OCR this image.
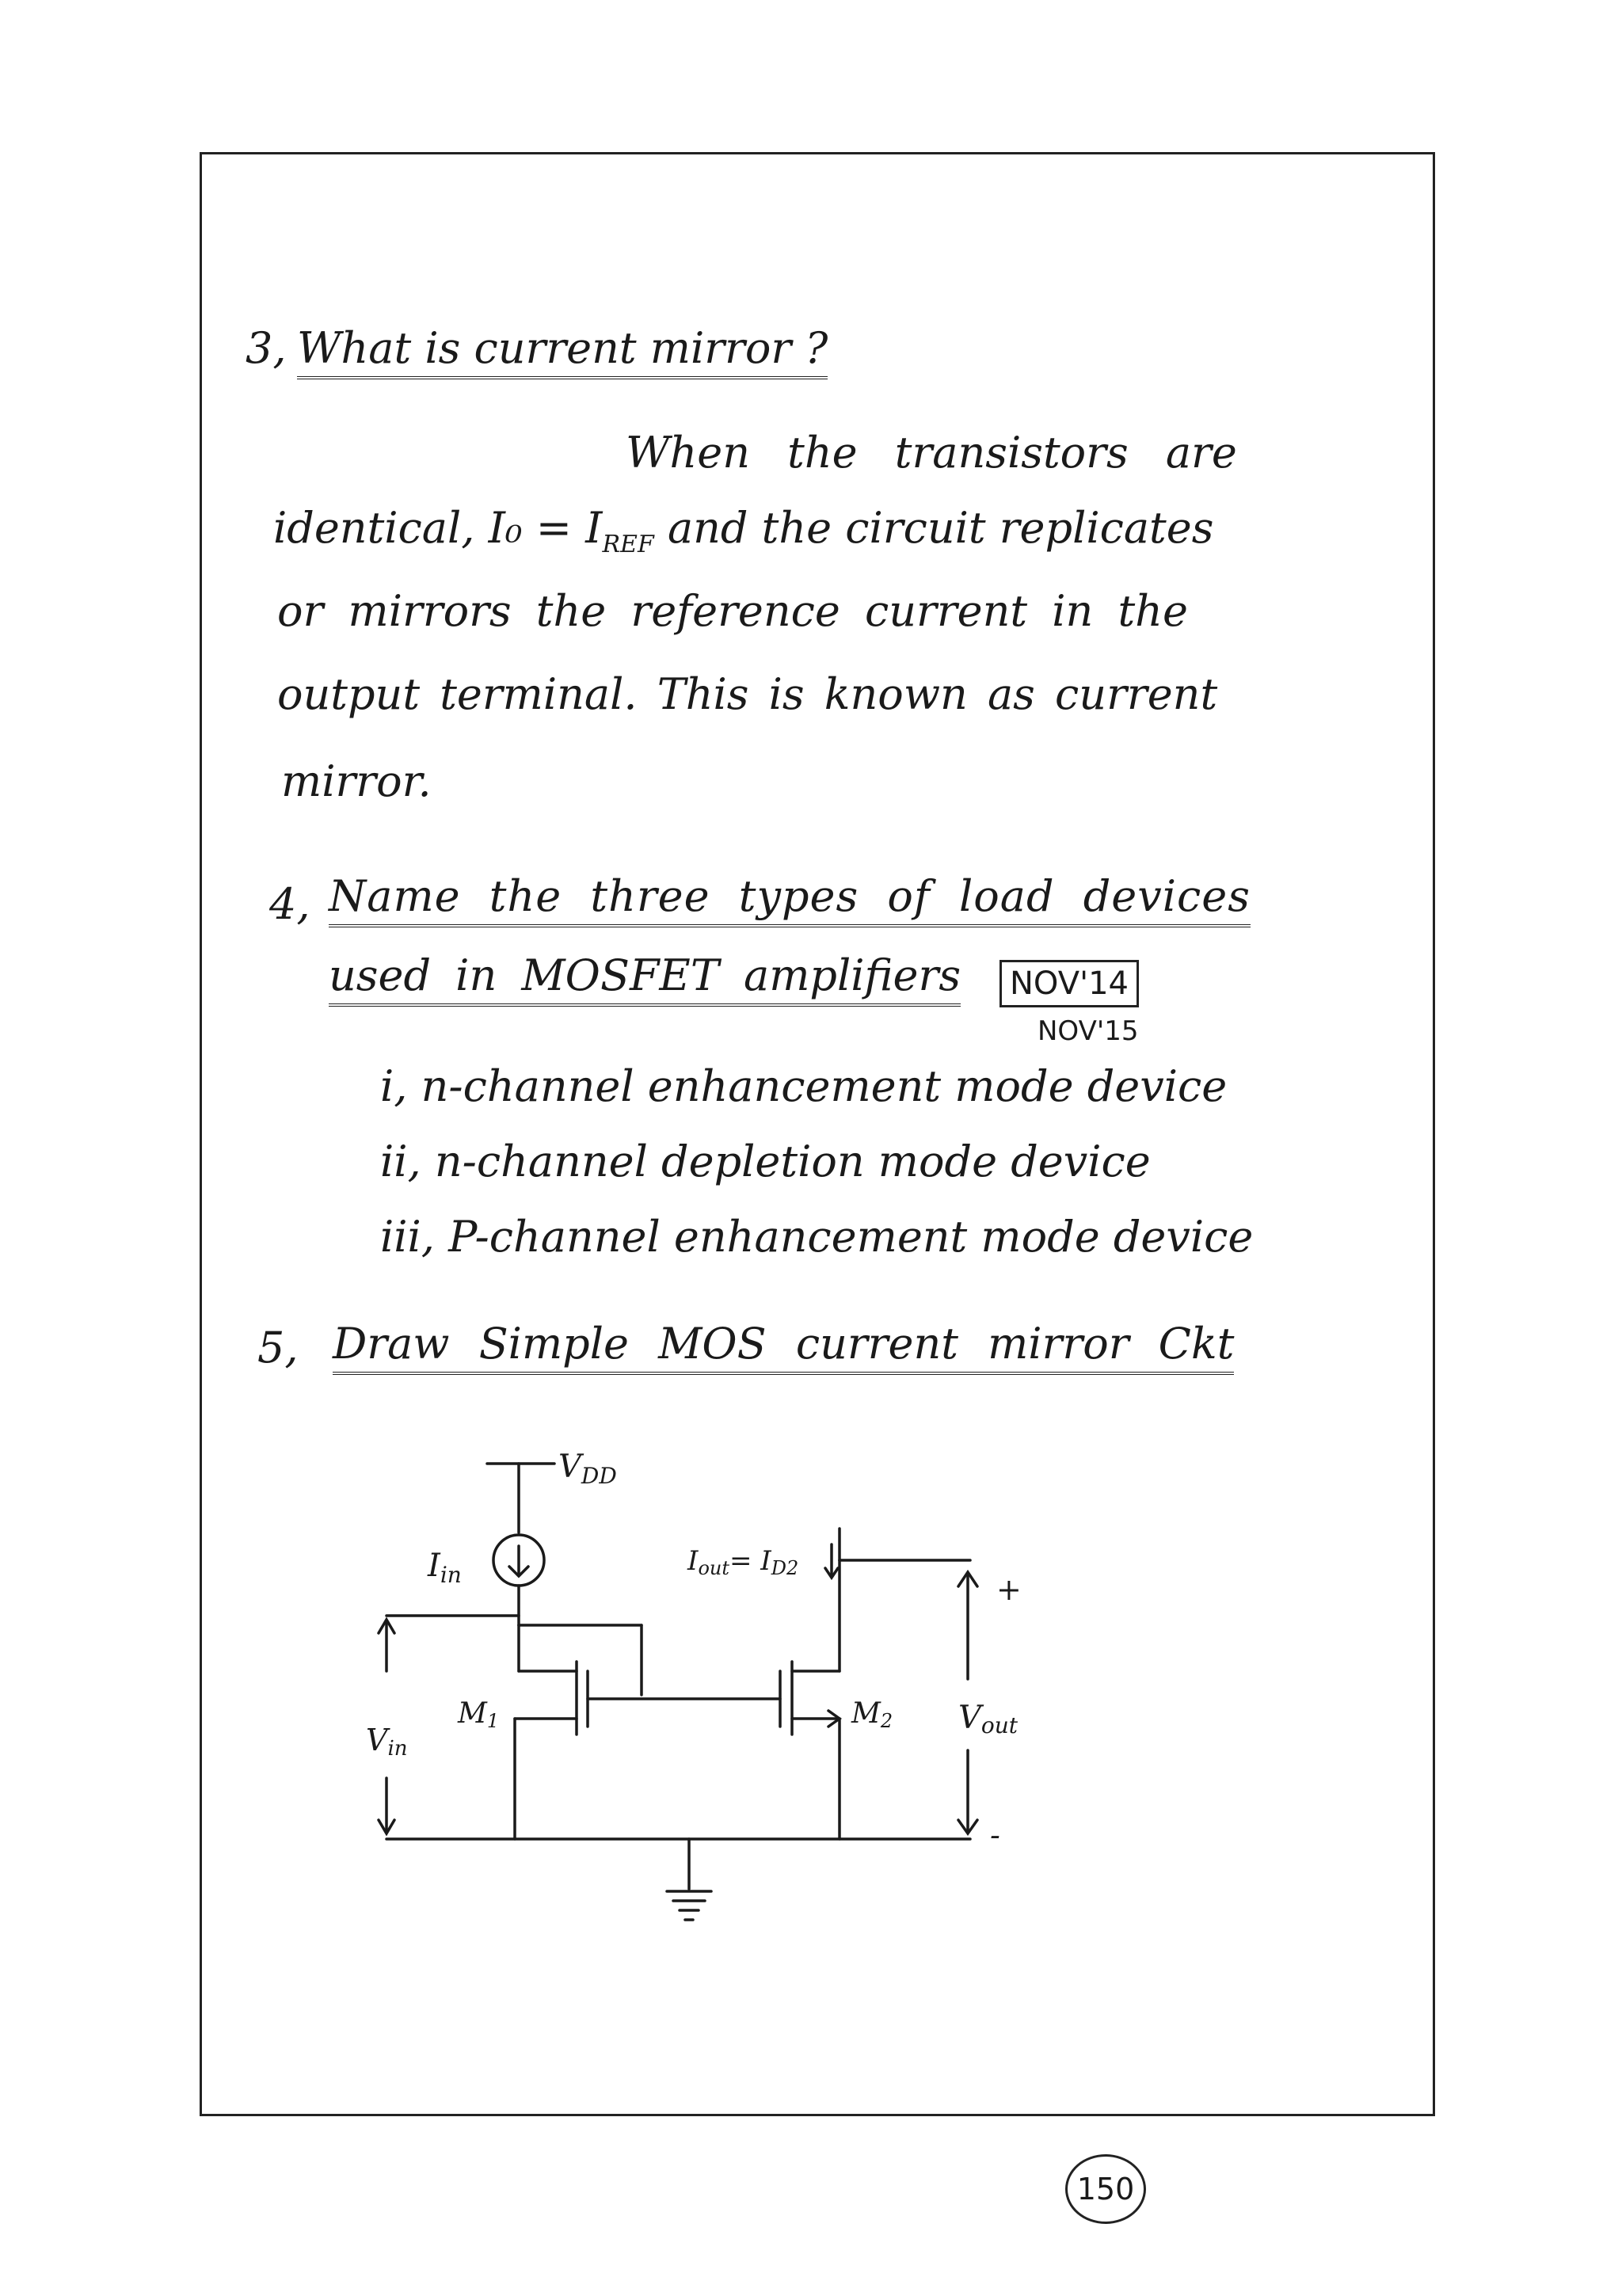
3, What is current mirror ?
When the transistors are
identical, $I_0 = I_{REF}$ and the circuit replicates
or mirrors the reference current in the
output terminal. This is known as current
mirror.
4, Name the three types of load devices
used in MOSFET amplifiers	NOV'14
NOV'15
i, n-channel enhancement mode device
ii, n-channel depletion mode device
iii, P-channel enhancement mode device
5, Draw Simple MOS current mirror Ckt
$V_{DD}$
$I_{in}$	Iout= ID2
M1	M2
Vin
Vout
+
-
150
